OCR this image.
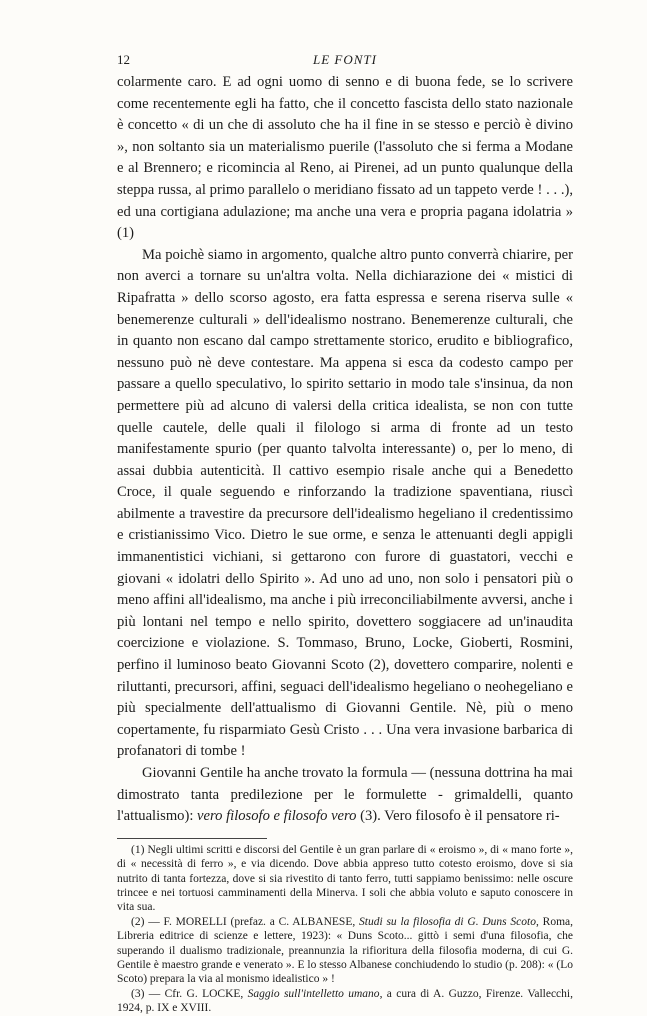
12	LE FONTI

colarmente caro. E ad ogni uomo di senno e di buona fede, se lo scrivere come recentemente egli ha fatto, che il concetto fascista dello stato nazionale è concetto « di un che di assoluto che ha il fine in se stesso e perciò è divino », non soltanto sia un materialismo puerile (l'assoluto che si ferma a Modane e al Brennero; e ricomincia al Reno, ai Pirenei, ad un punto qualunque della steppa russa, al primo parallelo o meridiano fissato ad un tappeto verde ! . . .), ed una cortigiana adulazione; ma anche una vera e propria pagana idolatria » (1)

Ma poichè siamo in argomento, qualche altro punto converrà chiarire, per non averci a tornare su un'altra volta. Nella dichiarazione dei « mistici di Ripafratta » dello scorso agosto, era fatta espressa e serena riserva sulle « benemerenze culturali » dell'idealismo nostrano. Benemerenze culturali, che in quanto non escano dal campo strettamente storico, erudito e bibliografico, nessuno può nè deve contestare. Ma appena si esca da codesto campo per passare a quello speculativo, lo spirito settario in modo tale s'insinua, da non permettere più ad alcuno di valersi della critica idealista, se non con tutte quelle cautele, delle quali il filologo si arma di fronte ad un testo manifestamente spurio (per quanto talvolta interessante) o, per lo meno, di assai dubbia autenticità. Il cattivo esempio risale anche qui a Benedetto Croce, il quale seguendo e rinforzando la tradizione spaventiana, riuscì abilmente a travestire da precursore dell'idealismo hegeliano il credentissimo e cristianissimo Vico. Dietro le sue orme, e senza le attenuanti degli appigli immanentistici vichiani, si gettarono con furore di guastatori, vecchi e giovani « idolatri dello Spirito ». Ad uno ad uno, non solo i pensatori più o meno affini all'idealismo, ma anche i più irreconciliabilmente avversi, anche i più lontani nel tempo e nello spirito, dovettero soggiacere ad un'inaudita coercizione e violazione. S. Tommaso, Bruno, Locke, Gioberti, Rosmini, perfino il luminoso beato Giovanni Scoto (2), dovettero comparire, nolenti e riluttanti, precursori, affini, seguaci dell'idealismo hegeliano o neohegeliano e più specialmente dell'attualismo di Giovanni Gentile. Nè, più o meno copertamente, fu risparmiato Gesù Cristo . . . Una vera invasione barbarica di profanatori di tombe !

Giovanni Gentile ha anche trovato la formula — (nessuna dottrina ha mai dimostrato tanta predilezione per le formulette - grimaldelli, quanto l'attualismo): vero filosofo e filosofo vero (3). Vero filosofo è il pensatore ri-

(1) Negli ultimi scritti e discorsi del Gentile è un gran parlare di « eroismo », di « mano forte », di « necessità di ferro », e via dicendo. Dove abbia appreso tutto cotesto eroismo, dove si sia nutrito di tanta fortezza, dove si sia rivestito di tanto ferro, tutti sappiamo benissimo: nelle oscure trincee e nei tortuosi camminamenti della Minerva. I soli che abbia voluto e saputo conoscere in vita sua.

(2) — F. MORELLI (prefaz. a C. ALBANESE, Studi su la filosofia di G. Duns Scoto, Roma, Libreria editrice di scienze e lettere, 1923): « Duns Scoto... gittò i semi d'una filosofia, che superando il dualismo tradizionale, preannunzia la rifioritura della filosofia moderna, di cui G. Gentile è maestro grande e venerato ». E lo stesso Albanese conchiudendo lo studio (p. 208): « (Lo Scoto) prepara la via al monismo idealistico » !

(3) — Cfr. G. LOCKE, Saggio sull'intelletto umano, a cura di A. Guzzo, Firenze. Vallecchi, 1924, p. IX e XVIII.
